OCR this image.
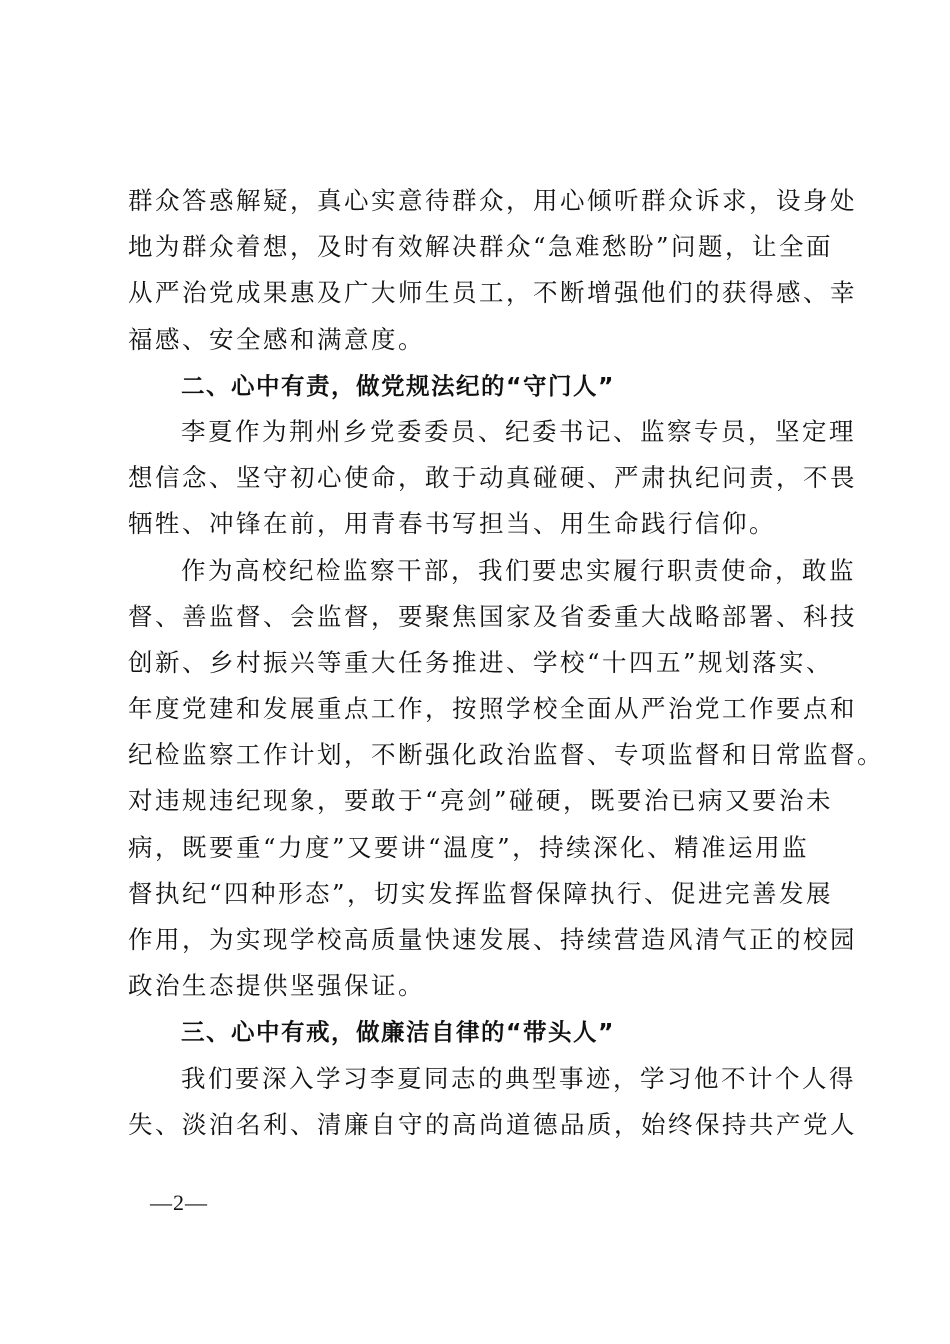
群众答惑解疑，真心实意待群众，用心倾听群众诉求，设身处
地为群众着想，及时有效解决群众“急难愁盼”问题，让全面
从严治党成果惠及广大师生员工，不断增强他们的获得感、幸
福感、安全感和满意度。
二、心中有责，做党规法纪的“守门人”
李夏作为荆州乡党委委员、纪委书记、监察专员，坚定理
想信念、坚守初心使命，敢于动真碰硬、严肃执纪问责，不畏
牺牲、冲锋在前，用青春书写担当、用生命践行信仰。
作为高校纪检监察干部，我们要忠实履行职责使命，敢监
督、善监督、会监督，要聚焦国家及省委重大战略部署、科技
创新、乡村振兴等重大任务推进、学校“十四五”规划落实、
年度党建和发展重点工作，按照学校全面从严治党工作要点和
纪检监察工作计划，不断强化政治监督、专项监督和日常监督。
对违规违纪现象，要敢于“亮剑”碰硬，既要治已病又要治未
病，既要重“力度”又要讲“温度”，持续深化、精准运用监
督执纪“四种形态”，切实发挥监督保障执行、促进完善发展
作用，为实现学校高质量快速发展、持续营造风清气正的校园
政治生态提供坚强保证。
三、心中有戒，做廉洁自律的“带头人”
我们要深入学习李夏同志的典型事迹，学习他不计个人得
失、淡泊名利、清廉自守的高尚道德品质，始终保持共产党人
—2—
